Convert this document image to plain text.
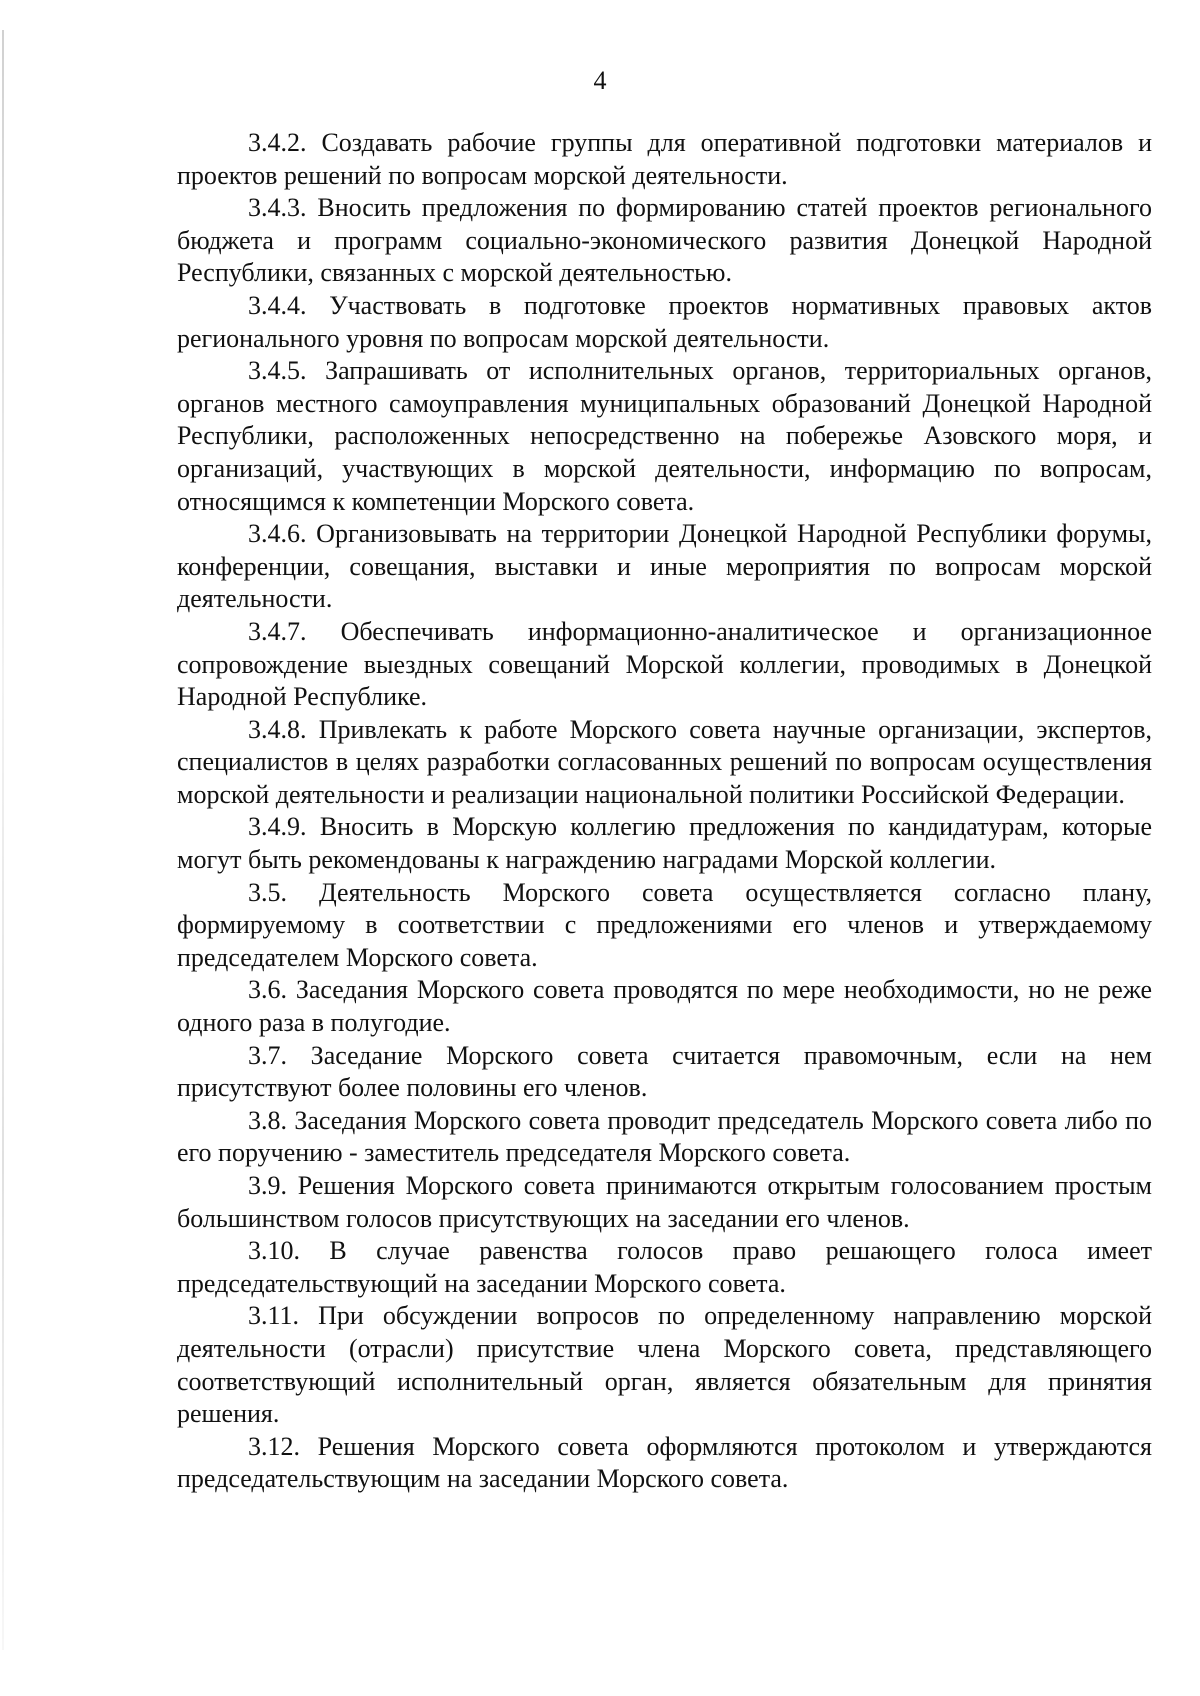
4

3.4.2. Создавать рабочие группы для оперативной подготовки материалов и проектов решений по вопросам морской деятельности.

3.4.3. Вносить предложения по формированию статей проектов регионального бюджета и программ социально-экономического развития Донецкой Народной Республики, связанных с морской деятельностью.

3.4.4. Участвовать в подготовке проектов нормативных правовых актов регионального уровня по вопросам морской деятельности.

3.4.5. Запрашивать от исполнительных органов, территориальных органов, органов местного самоуправления муниципальных образований Донецкой Народной Республики, расположенных непосредственно на побережье Азовского моря, и организаций, участвующих в морской деятельности, информацию по вопросам, относящимся к компетенции Морского совета.

3.4.6. Организовывать на территории Донецкой Народной Республики форумы, конференции, совещания, выставки и иные мероприятия по вопросам морской деятельности.

3.4.7. Обеспечивать информационно-аналитическое и организационное сопровождение выездных совещаний Морской коллегии, проводимых в Донецкой Народной Республике.

3.4.8. Привлекать к работе Морского совета научные организации, экспертов, специалистов в целях разработки согласованных решений по вопросам осуществления морской деятельности и реализации национальной политики Российской Федерации.

3.4.9. Вносить в Морскую коллегию предложения по кандидатурам, которые могут быть рекомендованы к награждению наградами Морской коллегии.

3.5. Деятельность Морского совета осуществляется согласно плану, формируемому в соответствии с предложениями его членов и утверждаемому председателем Морского совета.

3.6. Заседания Морского совета проводятся по мере необходимости, но не реже одного раза в полугодие.

3.7. Заседание Морского совета считается правомочным, если на нем присутствуют более половины его членов.

3.8. Заседания Морского совета проводит председатель Морского совета либо по его поручению - заместитель председателя Морского совета.

3.9. Решения Морского совета принимаются открытым голосованием простым большинством голосов присутствующих на заседании его членов.

3.10. В случае равенства голосов право решающего голоса имеет председательствующий на заседании Морского совета.

3.11. При обсуждении вопросов по определенному направлению морской деятельности (отрасли) присутствие члена Морского совета, представляющего соответствующий исполнительный орган, является обязательным для принятия решения.

3.12. Решения Морского совета оформляются протоколом и утверждаются председательствующим на заседании Морского совета.
